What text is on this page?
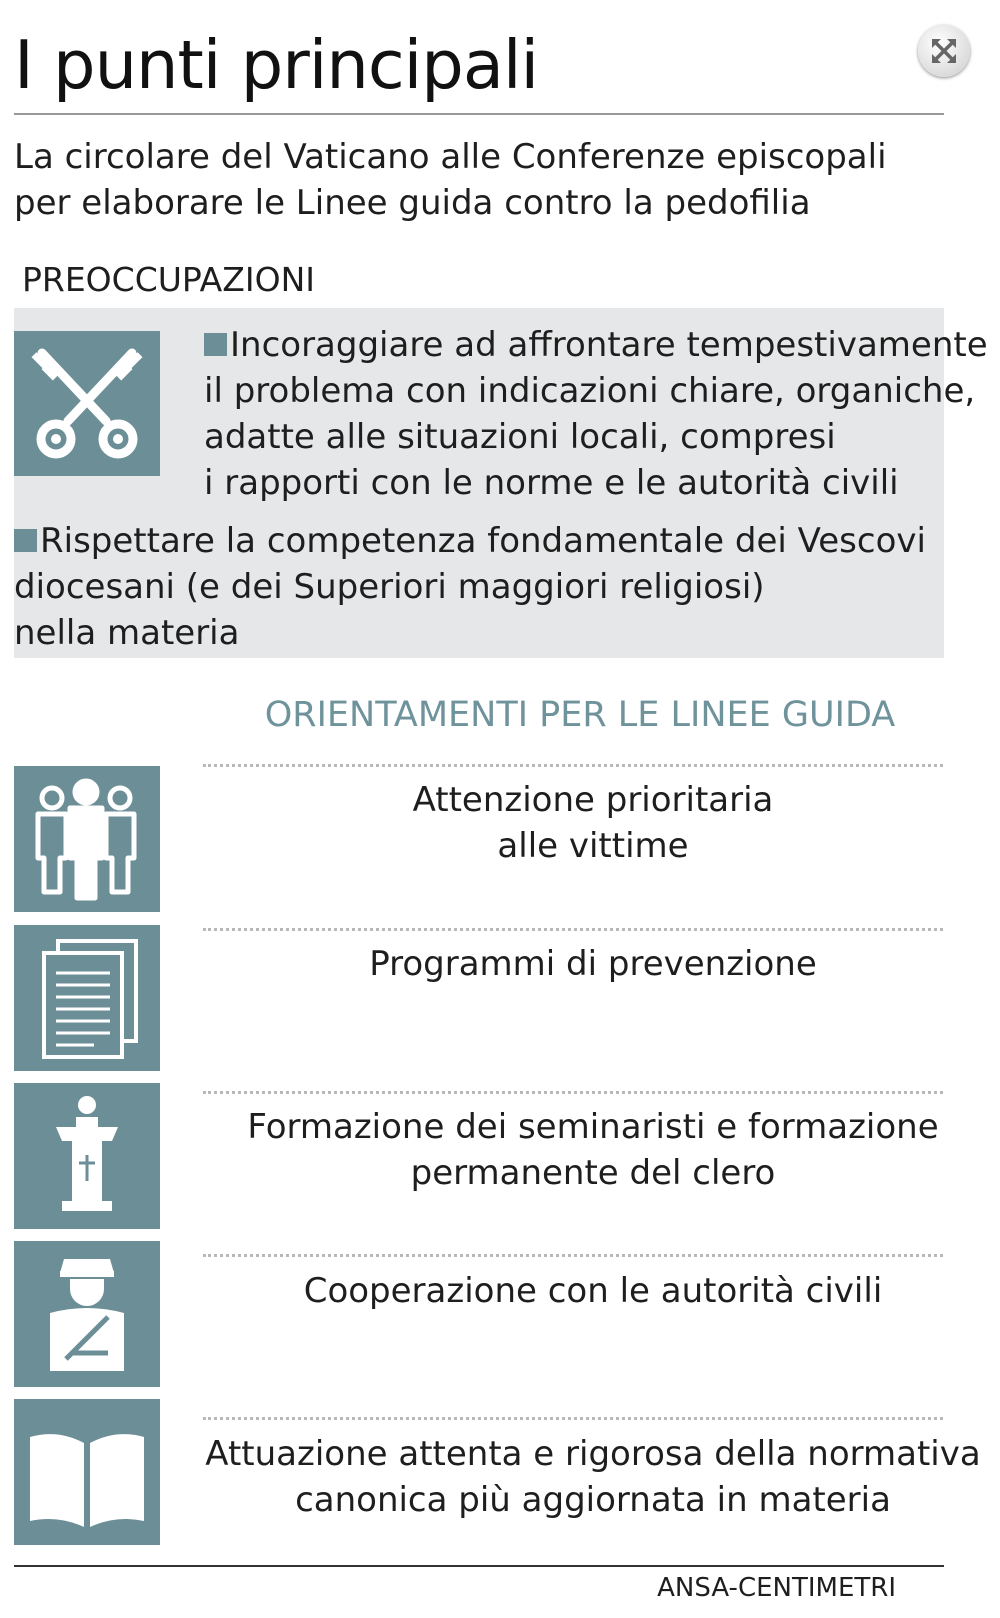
I punti principali
La circolare del Vaticano alle Conferenze episcopali
per elaborare le Linee guida contro la pedofilia
PREOCCUPAZIONI
Incoraggiare ad affrontare tempestivamente
il problema con indicazioni chiare, organiche,
adatte alle situazioni locali, compresi
i rapporti con le norme e le autorità civili
Rispettare la competenza fondamentale dei Vescovi
diocesani (e dei Superiori maggiori religiosi)
nella materia
ORIENTAMENTI PER LE LINEE GUIDA
Attenzione prioritaria
alle vittime
Programmi di prevenzione
Formazione dei seminaristi e formazione
permanente del clero
Cooperazione con le autorità civili
Attuazione attenta e rigorosa della normativa
canonica più aggiornata in materia
ANSA-CENTIMETRI
